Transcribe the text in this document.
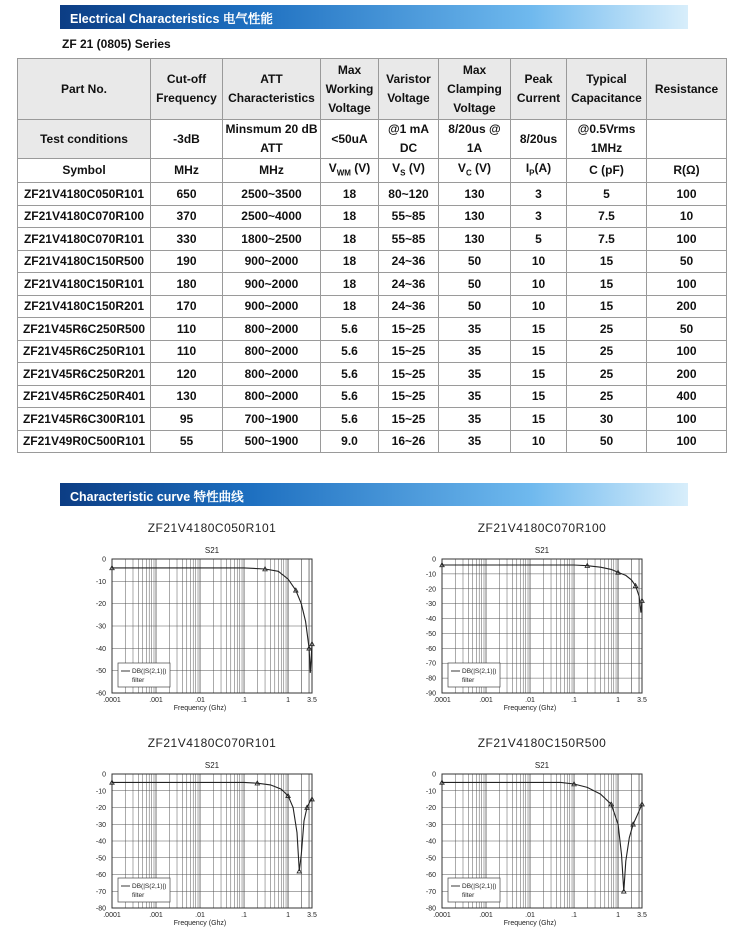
Electrical Characteristics 电气性能
ZF 21 (0805) Series
Part No.	Cut-off Frequency	ATT Characteristics	Max Working Voltage	Varistor Voltage	Max Clamping Voltage	Peak Current	Typical Capacitance	Resistance
Test conditions	-3dB	Minsmum 20 dB ATT	<50uA	@1 mA DC	8/20us @ 1A	8/20us	@0.5Vrms 1MHz	
Symbol	MHz	MHz	$V_{WM}$ (V)	$V_S$ (V)	$V_C$ (V)	$I_P(A)$	C (pF)	R(Ω)
ZF21V4180C050R101	650	2500~3500	18	80~120	130	3	5	100
ZF21V4180C070R100	370	2500~4000	18	55~85	130	3	7.5	10
ZF21V4180C070R101	330	1800~2500	18	55~85	130	5	7.5	100
ZF21V4180C150R500	190	900~2000	18	24~36	50	10	15	50
ZF21V4180C150R101	180	900~2000	18	24~36	50	10	15	100
ZF21V4180C150R201	170	900~2000	18	24~36	50	10	15	200
ZF21V45R6C250R500	110	800~2000	5.6	15~25	35	15	25	50
ZF21V45R6C250R101	110	800~2000	5.6	15~25	35	15	25	100
ZF21V45R6C250R201	120	800~2000	5.6	15~25	35	15	25	200
ZF21V45R6C250R401	130	800~2000	5.6	15~25	35	15	25	400
ZF21V45R6C300R101	95	700~1900	5.6	15~25	35	15	30	100
ZF21V49R0C500R101	55	500~1900	9.0	16~26	35	10	50	100
Characteristic curve 特性曲线
ZF21V4180C050R101
S21
0
-10
-20
-30
-40
-50
-60
.0001	.001	.01	.1	1 3.5
Frequency (Ghz)
DB(|S(2,1)|)
filter
ZF21V4180C070R100
S21
0
-10
-20
-30
-40
-50
-60
-70
-80
-90
.0001	.001	.01	.1	1 3.5
Frequency (Ghz)
DB(|S(2,1)|)
filter
ZF21V4180C070R101
S21
0
-10
-20
-30
-40
-50
-60
-70
-80
.0001	.001	.01	.1	1 3.5
Frequency (Ghz)
DB(|S(2,1)|)
filter
ZF21V4180C150R500
S21
0
-10
-20
-30
-40
-50
-60
-70
-80
.0001	.001	.01	.1	1 3.5
Frequency (Ghz)
DB(|S(2,1)|)
filter
